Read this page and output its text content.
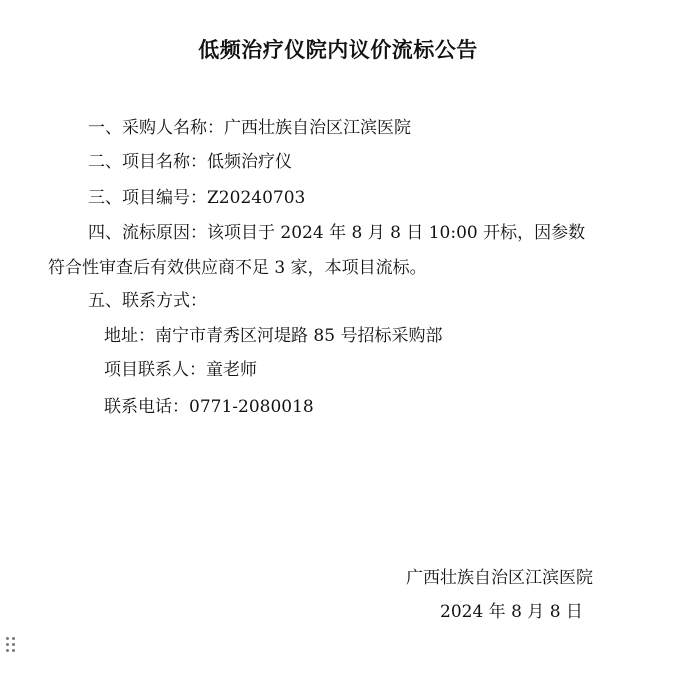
低频治疗仪院内议价流标公告
一、采购人名称：广西壮族自治区江滨医院
二、项目名称：低频治疗仪
三、项目编号：Z20240703
四、流标原因：该项目于 2024 年 8 月 8 日 10:00 开标，因参数
符合性审查后有效供应商不足 3 家，本项目流标。
五、联系方式：
地址：南宁市青秀区河堤路 85 号招标采购部
项目联系人：童老师
联系电话：0771-2080018
广西壮族自治区江滨医院
2024 年 8 月 8 日
